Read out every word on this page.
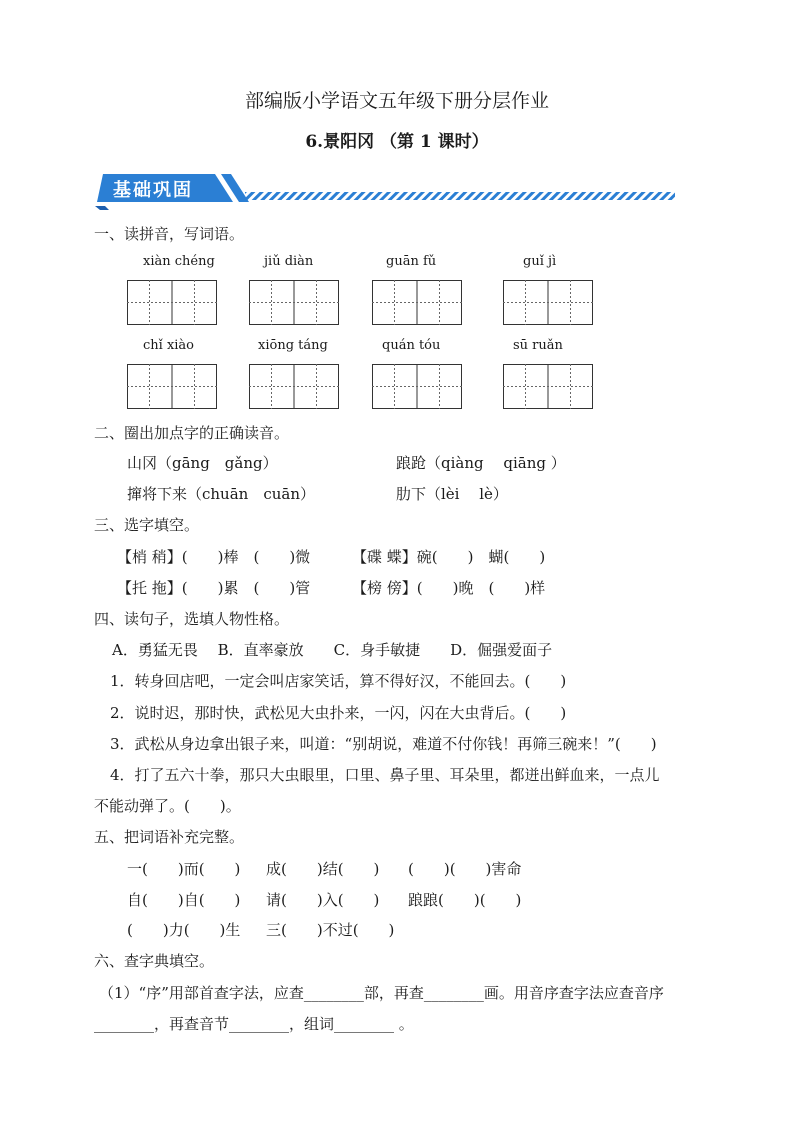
部编版小学语文五年级下册分层作业
6.景阳冈 （第 1 课时）
基础巩固
一、读拼音，写词语。
xiàn chéng	jiǔ diàn	guān fǔ	guǐ jì
chǐ xiào	xiōng táng	quán tóu	sū ruǎn
二、圈出加点字的正确读音。
山冈（gāng　gǎng）	踉跄（qiàng　 qiāng ）
撺将下来（chuān　cuān）	肋下（lèi　 lè）
三、选字填空。
【梢 稍】(　　)棒　(　　)微	【碟 蝶】碗(　　)　蝴(　　)
【托 拖】(　　)累　(　　)管	【榜 傍】(　　)晚　(　　)样
四、读句子，选填人物性格。
A．勇猛无畏　 B．直率豪放　　C．身手敏捷　　D．倔强爱面子
1．转身回店吧，一定会叫店家笑话，算不得好汉，不能回去。(　　)
2．说时迟，那时快，武松见大虫扑来，一闪，闪在大虫背后。(　　)
3．武松从身边拿出银子来，叫道：“别胡说，难道不付你钱！再筛三碗来！”(　　)
4．打了五六十拳，那只大虫眼里，口里、鼻子里、耳朵里，都迸出鲜血来，一点儿
不能动弹了。(　　)。
五、把词语补充完整。
一(　　)而(　　) 成(　　)结(　　) (　　)(　　)害命
自(　　)自(　　) 请(　　)入(　　) 踉踉(　　)(　　)
(　　)力(　　)生 三(　　)不过(　　)
六、查字典填空。
（1）“序”用部首查字法，应查________部，再查________画。用音序查字法应查音序
________，再查音节________，组词________ 。
